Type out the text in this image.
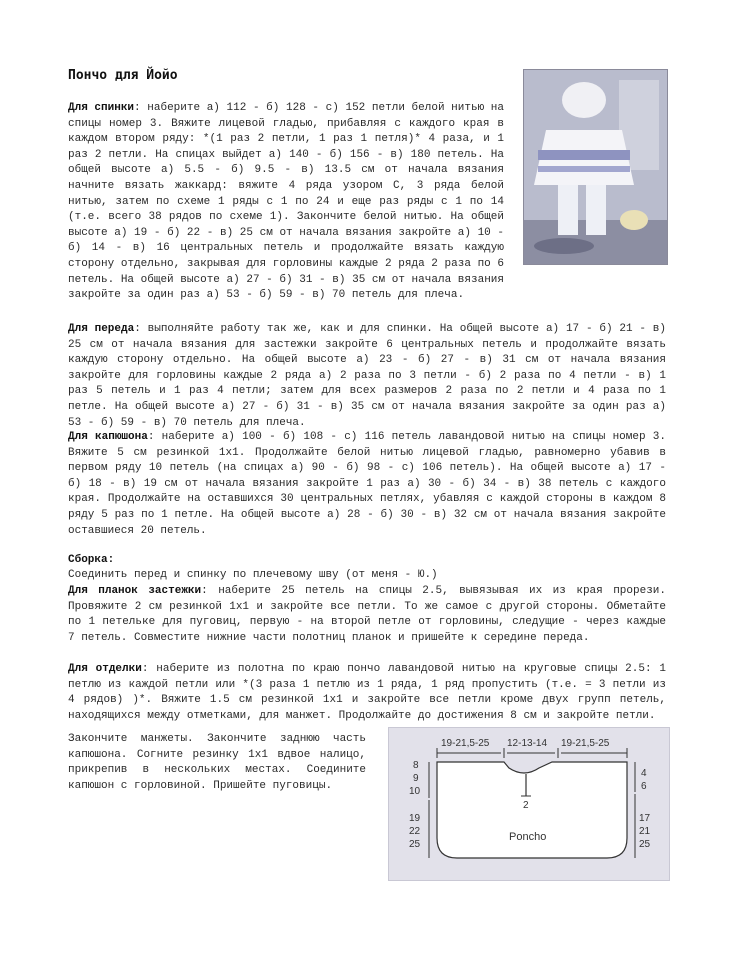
Пончо для Йойо

Для спинки: наберите а) 112 - б) 128 - с) 152 петли белой нитью на спицы номер 3. Вяжите лицевой гладью, прибавляя с каждого края в каждом втором ряду: *(1 раз 2 петли, 1 раз 1 петля)* 4 раза, и 1 раз 2 петли. На спицах выйдет а) 140 - б) 156 - в) 180 петель. На общей высоте а) 5.5 - б) 9.5 - в) 13.5 см от начала вязания начните вязать жаккард: вяжите 4 ряда узором С, 3 ряда белой нитью, затем по схеме 1 ряды с 1 по 24 и еще раз ряды с 1 по 14 (т.е. всего 38 рядов по схеме 1). Закончите белой нитью. На общей высоте а) 19 - б) 22 - в) 25 см от начала вязания закройте а) 10 - б) 14 - в) 16 центральных петель и продолжайте вязать каждую сторону отдельно, закрывая для горловины каждые 2 ряда 2 раза по 6 петель. На общей высоте а) 27 - б) 31 - в) 35 см от начала вязания закройте за один раз а) 53 - б) 59 - в) 70 петель для плеча.

Для переда: выполняйте работу так же, как и для спинки. На общей высоте а) 17 - б) 21 - в) 25 см от начала вязания для застежки закройте 6 центральных петель и продолжайте вязать каждую сторону отдельно. На общей высоте а) 23 - б) 27 - в) 31 см от начала вязания закройте для горловины каждые 2 ряда а) 2 раза по 3 петли - б) 2 раза по 4 петли - в) 1 раз 5 петель и 1 раз 4 петли; затем для всех размеров 2 раза по 2 петли и 4 раза по 1 петле. На общей высоте а) 27 - б) 31 - в) 35 см от начала вязания закройте за один раз а) 53 - б) 59 - в) 70 петель для плеча.

Для капюшона: наберите а) 100 - б) 108 - с) 116 петель лавандовой нитью на спицы номер 3. Вяжите 5 см резинкой 1x1. Продолжайте белой нитью лицевой гладью, равномерно убавив в первом ряду 10 петель (на спицах а) 90 - б) 98 - с) 106 петель). На общей высоте а) 17 - б) 18 - в) 19 см от начала вязания закройте 1 раз а) 30 - б) 34 - в) 38 петель с каждого края. Продолжайте на оставшихся 30 центральных петлях, убавляя с каждой стороны в каждом 8 ряду 5 раз по 1 петле. На общей высоте а) 28 - б) 30 - в) 32 см от начала вязания закройте оставшиеся 20 петель.

Сборка:

Соединить перед и спинку по плечевому шву (от меня - Ю.)

Для планок застежки: наберите 25 петель на спицы 2.5, вывязывая их из края прорези. Провяжите 2 см резинкой 1x1 и закройте все петли. То же самое с другой стороны. Обметайте по 1 петельке для пуговиц, первую - на второй петле от горловины, следущие - через каждые 7 петель. Совместите нижние части полотниц планок и пришейте к середине переда.

Для отделки: наберите из полотна по краю пончо лавандовой нитью на круговые спицы 2.5: 1 петлю из каждой петли или *(3 раза 1 петлю из 1 ряда, 1 ряд пропустить (т.е. = 3 петли из 4 рядов) )*. Вяжите 1.5 см резинкой 1x1 и закройте все петли кроме двух групп петель, находящихся между отметками, для манжет. Продолжайте до достижения 8 см и закройте петли.

Закончите манжеты. Закончите заднюю часть капюшона. Согните резинку 1x1 вдвое налицо, прикрепив в нескольких местах. Соедините капюшон с горловиной. Пришейте пуговицы.

19-21,5-25 12-13-14 19-21,5-25
2
8
9
10
19
22
25
4
6
17
21
25
Poncho
